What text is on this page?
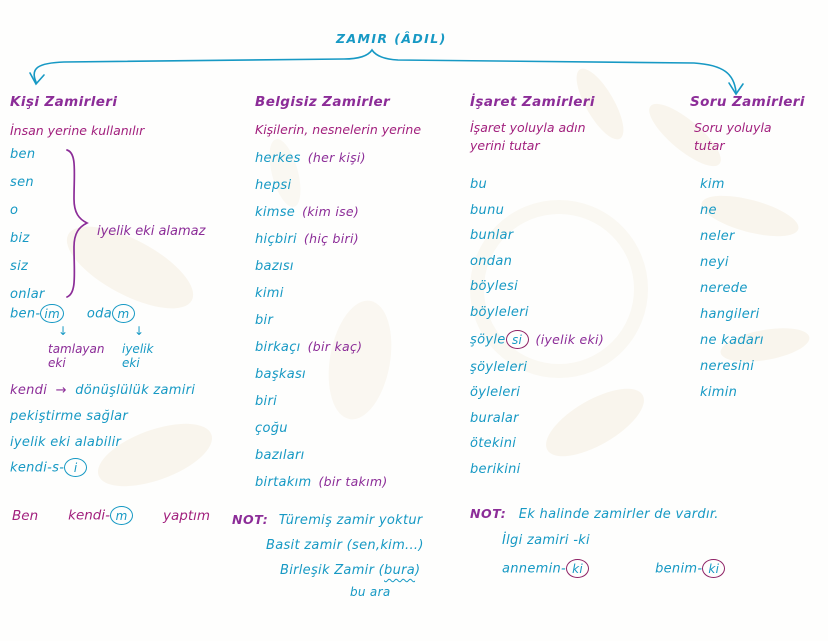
ZAMIR (ÂDIL)
Kişi Zamirleri
İnsan yerine kullanılır
ben
sen
o
biz
siz
onlar
iyelik eki alamaz
ben- im oda m
↓	↓
tamlayan
eki
iyelik
eki
kendi → dönüşlülük zamiri
pekiştirme sağlar
iyelik eki alabilir
kendi-s- i
Ben kendi- m	yaptım
Belgisiz Zamirler
Kişilerin, nesnelerin yerine
herkes (her kişi)
hepsi
kimse (kim ise)
hiçbiri (hiç biri)
bazısı
kimi
bir
birkaçı (bir kaç)
başkası
biri
çoğu
bazıları
birtakım (bir takım)
NOT: Türemiş zamir yoktur
Basit zamir (sen,kim...)
Birleşik Zamir (bura)
bu ara
İşaret Zamirleri
İşaret yoluyla adın
yerini tutar
bu
bunu
bunlar
ondan
böylesi
böyleleri
şöyle si (iyelik eki)
şöyleleri
öyleleri
buralar
ötekini
berikini
NOT: Ek halinde zamirler de vardır.
İlgi zamiri -ki
annemin- ki	benim- ki
Soru Zamirleri
Soru yoluyla
tutar
kim
ne
neler
neyi
nerede
hangileri
ne kadarı
neresini
kimin
